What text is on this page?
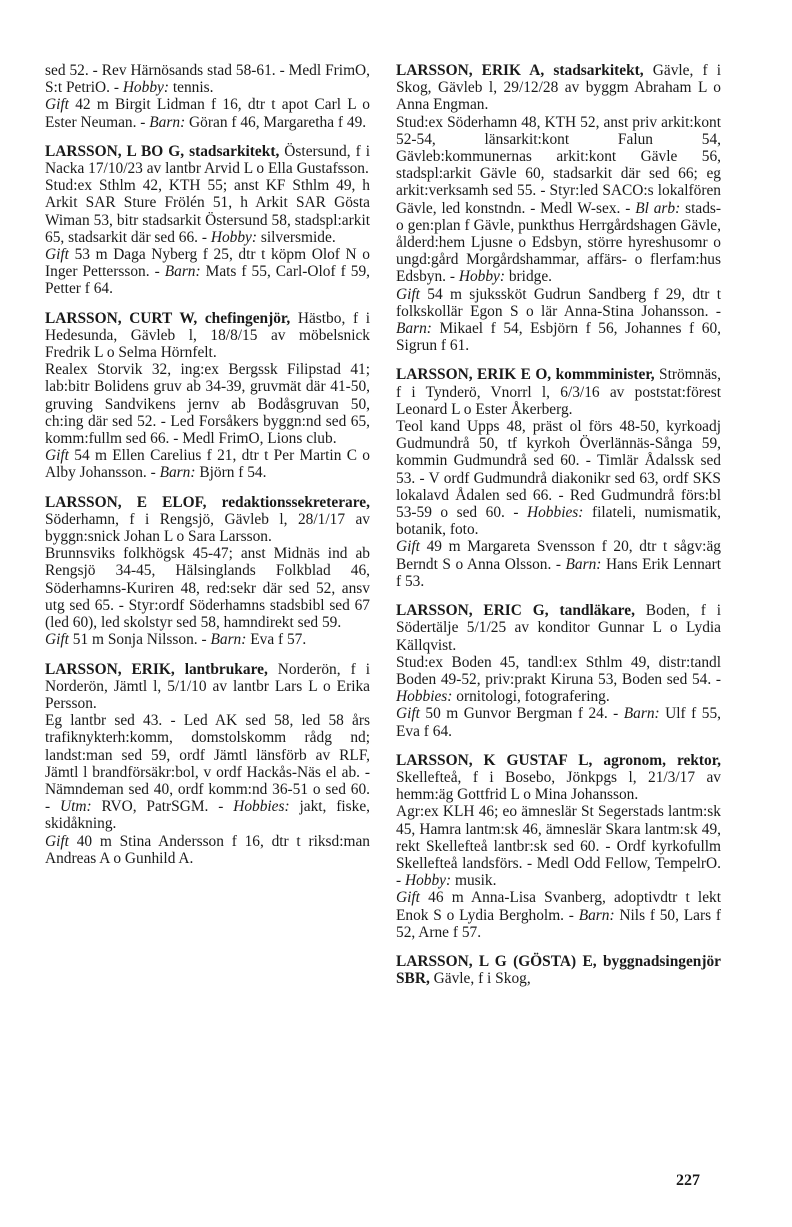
sed 52. - Rev Härnösands stad 58-61. - Medl FrimO, S:t PetriO. - Hobby: tennis.

Gift 42 m Birgit Lidman f 16, dtr t apot Carl L o Ester Neuman. - Barn: Göran f 46, Margaretha f 49.

LARSSON, L BO G, stadsarkitekt, Östersund, f i Nacka 17/10/23 av lantbr Arvid L o Ella Gustafsson.

Stud:ex Sthlm 42, KTH 55; anst KF Sthlm 49, h Arkit SAR Sture Frölén 51, h Arkit SAR Gösta Wiman 53, bitr stadsarkit Östersund 58, stadspl:arkit 65, stadsarkit där sed 66. - Hobby: silversmide.

Gift 53 m Daga Nyberg f 25, dtr t köpm Olof N o Inger Pettersson. - Barn: Mats f 55, Carl-Olof f 59, Petter f 64.

LARSSON, CURT W, chefingenjör, Hästbo, f i Hedesunda, Gävleb l, 18/8/15 av möbelsnick Fredrik L o Selma Hörnfelt.

Realex Storvik 32, ing:ex Bergssk Filipstad 41; lab:bitr Bolidens gruv ab 34-39, gruvmät där 41-50, gruving Sandvikens jernv ab Bodåsgruvan 50, ch:ing där sed 52. - Led Forsåkers byggn:nd sed 65, komm:fullm sed 66. - Medl FrimO, Lions club.

Gift 54 m Ellen Carelius f 21, dtr t Per Martin C o Alby Johansson. - Barn: Björn f 54.

LARSSON, E ELOF, redaktionssekreterare, Söderhamn, f i Rengsjö, Gävleb l, 28/1/17 av byggn:snick Johan L o Sara Larsson.

Brunnsviks folkhögsk 45-47; anst Midnäs ind ab Rengsjö 34-45, Hälsinglands Folkblad 46, Söderhamns-Kuriren 48, red:sekr där sed 52, ansv utg sed 65. - Styr:ordf Söderhamns stadsbibl sed 67 (led 60), led skolstyr sed 58, hamndirekt sed 59.

Gift 51 m Sonja Nilsson. - Barn: Eva f 57.

LARSSON, ERIK, lantbrukare, Norderön, f i Norderön, Jämtl l, 5/1/10 av lantbr Lars L o Erika Persson.

Eg lantbr sed 43. - Led AK sed 58, led 58 års trafiknykterh:komm, domstolskomm rådg nd; landst:man sed 59, ordf Jämtl länsförb av RLF, Jämtl l brandförsäkr:bol, v ordf Hackås-Näs el ab. - Nämndeman sed 40, ordf komm:nd 36-51 o sed 60. - Utm: RVO, PatrSGM. - Hobbies: jakt, fiske, skidåkning.

Gift 40 m Stina Andersson f 16, dtr t riksd:man Andreas A o Gunhild A.

LARSSON, ERIK A, stadsarkitekt, Gävle, f i Skog, Gävleb l, 29/12/28 av byggm Abraham L o Anna Engman.

Stud:ex Söderhamn 48, KTH 52, anst priv arkit:kont 52-54, länsarkit:kont Falun 54, Gävleb:kommunernas arkit:kont Gävle 56, stadspl:arkit Gävle 60, stadsarkit där sed 66; eg arkit:verksamh sed 55. - Styr:led SACO:s lokalfören Gävle, led konstndn. - Medl W-sex. - Bl arb: stads- o gen:plan f Gävle, punkthus Herrgårdshagen Gävle, ålderd:hem Ljusne o Edsbyn, större hyreshusomr o ungd:gård Morgårdshammar, affärs- o flerfam:hus Edsbyn. - Hobby: bridge.

Gift 54 m sjukssköt Gudrun Sandberg f 29, dtr t folkskollär Egon S o lär Anna-Stina Johansson. - Barn: Mikael f 54, Esbjörn f 56, Johannes f 60, Sigrun f 61.

LARSSON, ERIK E O, kommminister, Strömnäs, f i Tynderö, Vnorrl l, 6/3/16 av poststat:förest Leonard L o Ester Åkerberg.

Teol kand Upps 48, präst ol förs 48-50, kyrkoadj Gudmundrå 50, tf kyrkoh Överlännäs-Sånga 59, kommin Gudmundrå sed 60. - Timlär Ådalssk sed 53. - V ordf Gudmundrå diakonikr sed 63, ordf SKS lokalavd Ådalen sed 66. - Red Gudmundrå förs:bl 53-59 o sed 60. - Hobbies: filateli, numismatik, botanik, foto.

Gift 49 m Margareta Svensson f 20, dtr t sågv:äg Berndt S o Anna Olsson. - Barn: Hans Erik Lennart f 53.

LARSSON, ERIC G, tandläkare, Boden, f i Södertälje 5/1/25 av konditor Gunnar L o Lydia Källqvist.

Stud:ex Boden 45, tandl:ex Sthlm 49, distr:tandl Boden 49-52, priv:prakt Kiruna 53, Boden sed 54. - Hobbies: ornitologi, fotografering.

Gift 50 m Gunvor Bergman f 24. - Barn: Ulf f 55, Eva f 64.

LARSSON, K GUSTAF L, agronom, rektor, Skellefteå, f i Bosebo, Jönkpgs l, 21/3/17 av hemm:äg Gottfrid L o Mina Johansson.

Agr:ex KLH 46; eo ämneslär St Segerstads lantm:sk 45, Hamra lantm:sk 46, ämneslär Skara lantm:sk 49, rekt Skellefteå lantbr:sk sed 60. - Ordf kyrkofullm Skellefteå landsförs. - Medl Odd Fellow, TempelrO. - Hobby: musik.

Gift 46 m Anna-Lisa Svanberg, adoptivdtr t lekt Enok S o Lydia Bergholm. - Barn: Nils f 50, Lars f 52, Arne f 57.

LARSSON, L G (GÖSTA) E, byggnadsingenjör SBR, Gävle, f i Skog,

227
